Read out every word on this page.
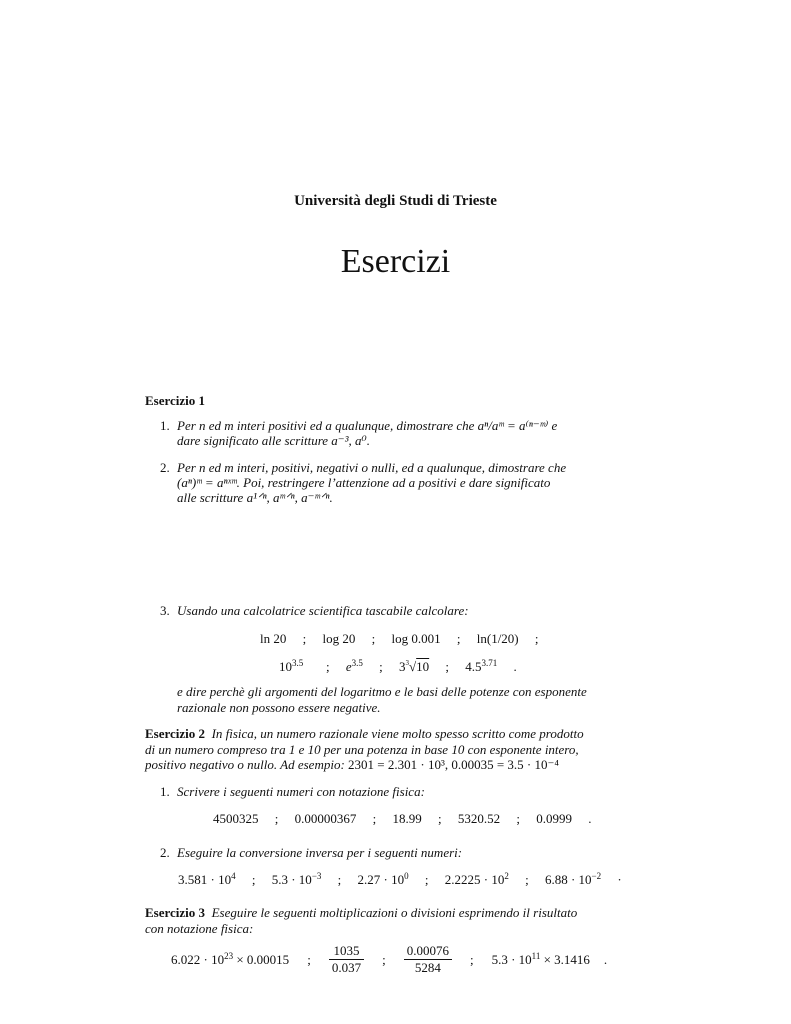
Università degli Studi di Trieste
Esercizi
Esercizio 1
1. Per n ed m interi positivi ed a qualunque, dimostrare che aⁿ/aᵐ = a⁽ⁿ⁻ᵐ⁾ e
dare significato alle scritture a⁻³, a⁰.
2. Per n ed m interi, positivi, negativi o nulli, ed a qualunque, dimostrare che
(aⁿ)ᵐ = aⁿˣᵐ. Poi, restringere l’attenzione ad a positivi e dare significato
alle scritture a¹ᐟⁿ, aᵐᐟⁿ, a⁻ᵐᐟⁿ.
3. Usando una calcolatrice scientifica tascabile calcolare:
ln 20 ; log 20 ; log 0.001 ; ln(1/20) ;
$10^{3.5}$ ; $e^{3.5}$ ; $3^3√10$ ; $4.5^{3.71}$ .
e dire perchè gli argomenti del logaritmo e le basi delle potenze con esponente
razionale non possono essere negative.
Esercizio 2 In fisica, un numero razionale viene molto spesso scritto come prodotto
di un numero compreso tra 1 e 10 per una potenza in base 10 con esponente intero,
positivo negativo o nullo. Ad esempio: 2301 = 2.301 · 10³, 0.00035 = 3.5 · 10⁻⁴
1. Scrivere i seguenti numeri con notazione fisica:
4500325 ; 0.00000367 ; 18.99 ; 5320.52 ; 0.0999 .
2. Eseguire la conversione inversa per i seguenti numeri:
$3.581 \cdot 10^4$ ; $5.3 \cdot 10^{-3}$ ; $2.27 \cdot 10^0$ ; $2.2225 \cdot 10^2$ ; $6.88 \cdot 10^{-2}$ ·
Esercizio 3 Eseguire le seguenti moltiplicazioni o divisioni esprimendo il risultato
con notazione fisica:
$6.022 \cdot 10^{23} \times 0.00015$ ; $\frac{1035}{0.037}$ ; $\frac{0.00076}{5284}$ ; $5.3 \cdot 10^{11} \times 3.1416$ .
